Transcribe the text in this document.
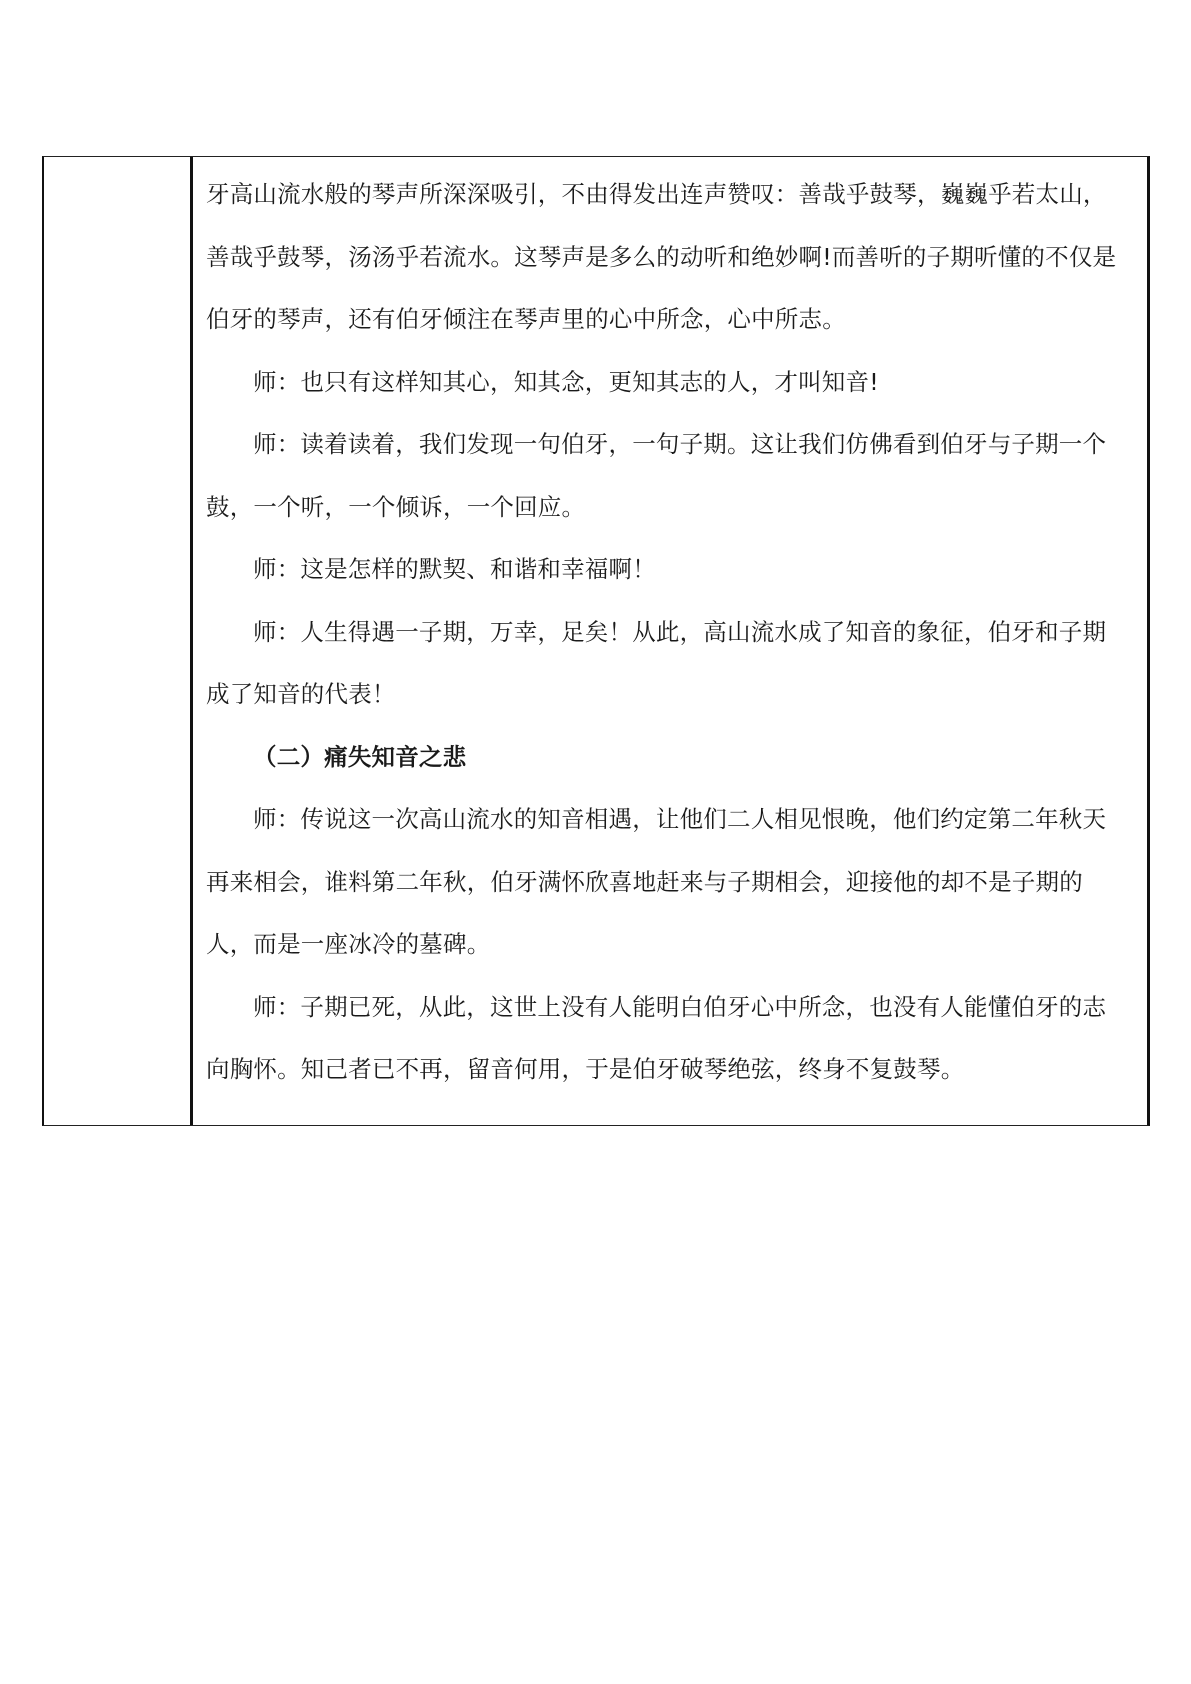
牙高山流水般的琴声所深深吸引，不由得发出连声赞叹：善哉乎鼓琴，巍巍乎若太山，
善哉乎鼓琴，汤汤乎若流水。这琴声是多么的动听和绝妙啊!而善听的子期听懂的不仅是
伯牙的琴声，还有伯牙倾注在琴声里的心中所念，心中所志。
师：也只有这样知其心，知其念，更知其志的人，才叫知音!
师：读着读着，我们发现一句伯牙，一句子期。这让我们仿佛看到伯牙与子期一个
鼓，一个听，一个倾诉，一个回应。
师：这是怎样的默契、和谐和幸福啊！
师：人生得遇一子期，万幸，足矣！从此，高山流水成了知音的象征，伯牙和子期
成了知音的代表！
（二）痛失知音之悲
师：传说这一次高山流水的知音相遇，让他们二人相见恨晚，他们约定第二年秋天
再来相会，谁料第二年秋，伯牙满怀欣喜地赶来与子期相会，迎接他的却不是子期的
人，而是一座冰冷的墓碑。
师：子期已死，从此，这世上没有人能明白伯牙心中所念，也没有人能懂伯牙的志
向胸怀。知己者已不再，留音何用，于是伯牙破琴绝弦，终身不复鼓琴。
